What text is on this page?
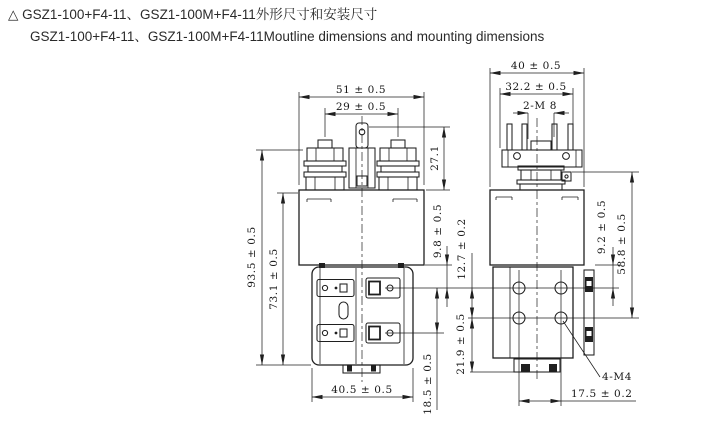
△ GSZ1-100+F4-11、GSZ1-100M+F4-11外形尺寸和安装尺寸
GSZ1-100+F4-11、GSZ1-100M+F4-11Moutline dimensions and mounting dimensions
51 ± 0.5
29 ± 0.5
27.1
93.5 ± 0.5 73.1 ± 0.5
9.8 ± 0.5
18.5 ± 0.5
12.7 ± 0.2
21.9 ± 0.5
40.5 ± 0.5
40 ± 0.5
32.2 ± 0.5
2-M 8
9.2 ± 0.5 58.8 ± 0.5
4-M4
17.5 ± 0.2
